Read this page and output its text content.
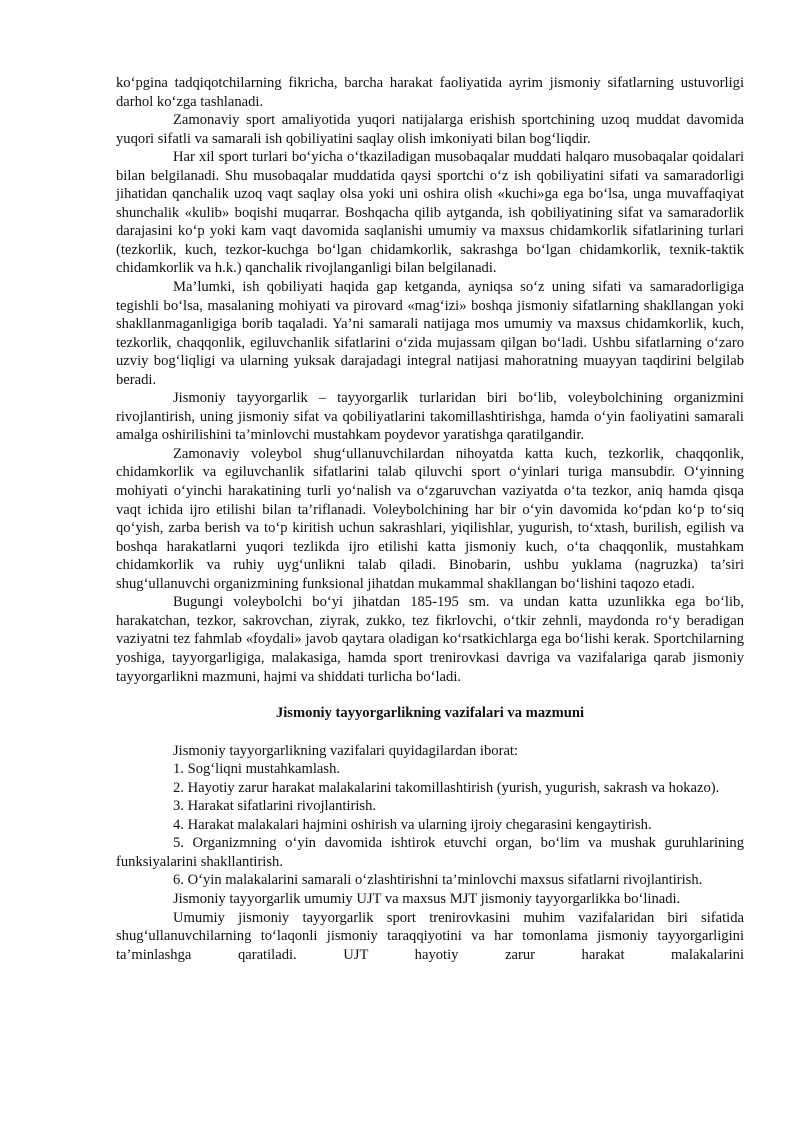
ko‘pgina tadqiqotchilarning fikricha, barcha harakat faoliyatida ayrim jismoniy sifatlarning ustuvorligi darhol ko‘zga tashlanadi.

Zamonaviy sport amaliyotida yuqori natijalarga erishish sportchining uzoq muddat davomida yuqori sifatli va samarali ish qobiliyatini saqlay olish imkoniyati bilan bog‘liqdir.

Har xil sport turlari bo‘yicha o‘tkaziladigan musobaqalar muddati halqaro musobaqalar qoidalari bilan belgilanadi. Shu musobaqalar muddatida qaysi sportchi o‘z ish qobiliyatini sifati va samaradorligi jihatidan qanchalik uzoq vaqt saqlay olsa yoki uni oshira olish «kuchi»ga ega bo‘lsa, unga muvaffaqiyat shunchalik «kulib» boqishi muqarrar. Boshqacha qilib aytganda, ish qobiliyatining sifat va samaradorlik darajasini ko‘p yoki kam vaqt davomida saqlanishi umumiy va maxsus chidamkorlik sifatlarining turlari (tezkorlik, kuch, tezkor-kuchga bo‘lgan chidamkorlik, sakrashga bo‘lgan chidamkorlik, texnik-taktik chidamkorlik va h.k.) qanchalik rivojlanganligi bilan belgilanadi.

Ma’lumki, ish qobiliyati haqida gap ketganda, ayniqsa so‘z uning sifati va samaradorligiga tegishli bo‘lsa, masalaning mohiyati va pirovard «mag‘izi» boshqa jismoniy sifatlarning shakllangan yoki shakllanmaganligiga borib taqaladi. Ya’ni samarali natijaga mos umumiy va maxsus chidamkorlik, kuch, tezkorlik, chaqqonlik, egiluvchanlik sifatlarini o‘zida mujassam qilgan bo‘ladi. Ushbu sifatlarning o‘zaro uzviy bog‘liqligi va ularning yuksak darajadagi integral natijasi mahoratning muayyan taqdirini belgilab beradi.

Jismoniy tayyorgarlik – tayyorgarlik turlaridan biri bo‘lib, voleybolchining organizmini rivojlantirish, uning jismoniy sifat va qobiliyatlarini takomillashtirishga, hamda o‘yin faoliyatini samarali amalga oshirilishini ta’minlovchi mustahkam poydevor yaratishga qaratilgandir.

Zamonaviy voleybol shug‘ullanuvchilardan nihoyatda katta kuch, tezkorlik, chaqqonlik, chidamkorlik va egiluvchanlik sifatlarini talab qiluvchi sport o‘yinlari turiga mansubdir. O‘yinning mohiyati o‘yinchi harakatining turli yo‘nalish va o‘zgaruvchan vaziyatda o‘ta tezkor, aniq hamda qisqa vaqt ichida ijro etilishi bilan ta’riflanadi. Voleybolchining har bir o‘yin davomida ko‘pdan ko‘p to‘siq qo‘yish, zarba berish va to‘p kiritish uchun sakrashlari, yiqilishlar, yugurish, to‘xtash, burilish, egilish va boshqa harakatlarni yuqori tezlikda ijro etilishi katta jismoniy kuch, o‘ta chaqqonlik, mustahkam chidamkorlik va ruhiy uyg‘unlikni talab qiladi. Binobarin, ushbu yuklama (nagruzka) ta’siri shug‘ullanuvchi organizmining funksional jihatdan mukammal shakllangan bo‘lishini taqozo etadi.

Bugungi voleybolchi bo‘yi jihatdan 185-195 sm. va undan katta uzunlikka ega bo‘lib, harakatchan, tezkor, sakrovchan, ziyrak, zukko, tez fikrlovchi, o‘tkir zehnli, maydonda ro‘y beradigan vaziyatni tez fahmlab «foydali» javob qaytara oladigan ko‘rsatkichlarga ega bo‘lishi kerak. Sportchilarning yoshiga, tayyorgarligiga, malakasiga, hamda sport trenirovkasi davriga va vazifalariga qarab jismoniy tayyorgarlikni mazmuni, hajmi va shiddati turlicha bo‘ladi.

Jismoniy tayyorgarlikning vazifalari va mazmuni

Jismoniy tayyorgarlikning vazifalari quyidagilardan iborat:

1. Sog‘liqni mustahkamlash.

2. Hayotiy zarur harakat malakalarini takomillashtirish (yurish, yugurish, sakrash va hokazo).

3. Harakat sifatlarini rivojlantirish.

4. Harakat malakalari hajmini oshirish va ularning ijroiy chegarasini kengaytirish.

5. Organizmning o‘yin davomida ishtirok etuvchi organ, bo‘lim va mushak guruhlarining funksiyalarini shakllantirish.

6. O‘yin malakalarini samarali o‘zlashtirishni ta’minlovchi maxsus sifatlarni rivojlantirish.

Jismoniy tayyorgarlik umumiy UJT va maxsus MJT jismoniy tayyorgarlikka bo‘linadi.

Umumiy jismoniy tayyorgarlik sport trenirovkasini muhim vazifalaridan biri sifatida shug‘ullanuvchilarning to‘laqonli jismoniy taraqqiyotini va har tomonlama jismoniy tayyorgarligini ta’minlashga qaratiladi. UJT hayotiy zarur harakat malakalarini
